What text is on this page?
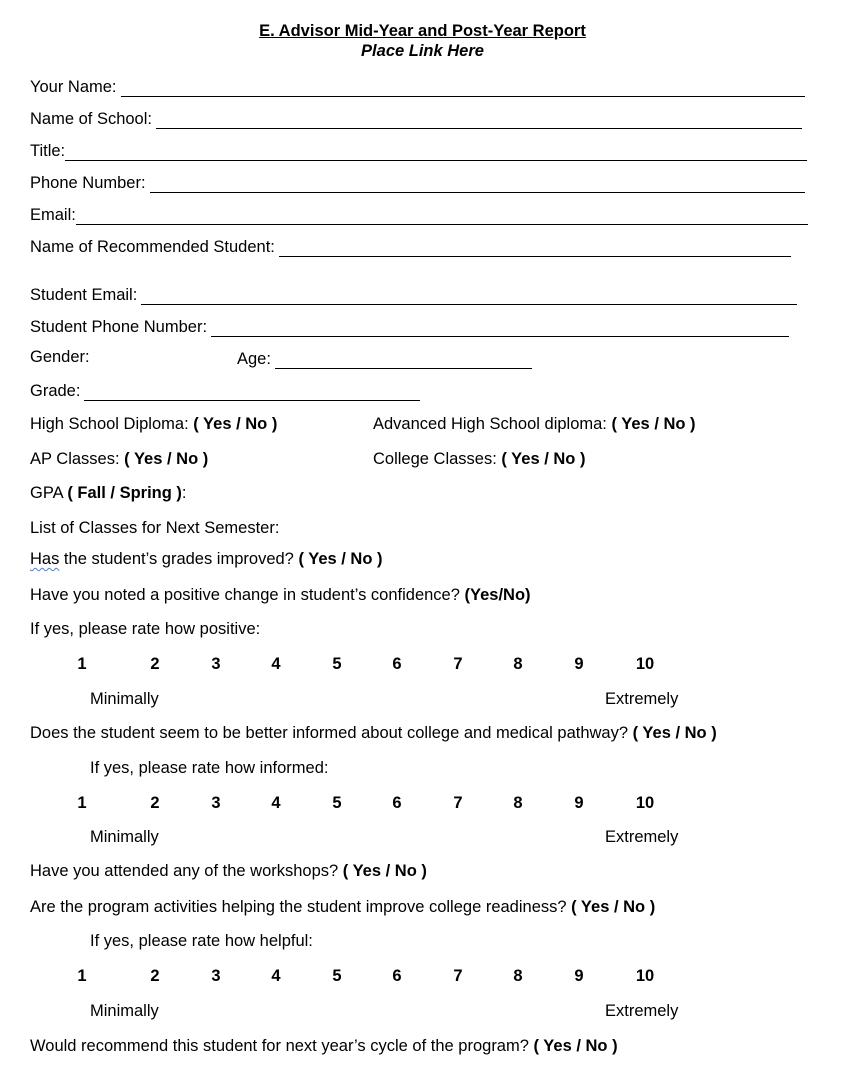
E. Advisor Mid-Year and Post-Year Report
Place Link Here
Your Name:
Name of School:
Title:
Phone Number:
Email:
Name of Recommended Student:
Student Email:
Student Phone Number:
Gender:	Age:
Grade:
High School Diploma: ( Yes / No )	Advanced High School diploma: ( Yes / No )
AP Classes: ( Yes / No )	College Classes: ( Yes / No )
GPA ( Fall / Spring ):
List of Classes for Next Semester:
Has the student’s grades improved? ( Yes / No )
Have you noted a positive change in student’s confidence? (Yes/No)
If yes, please rate how positive:
1	2	3	4	5	6	7	8	9	10
Minimally	Extremely
Does the student seem to be better informed about college and medical pathway? ( Yes / No )
If yes, please rate how informed:
1	2	3	4	5	6	7	8	9	10
Minimally	Extremely
Have you attended any of the workshops? ( Yes / No )
Are the program activities helping the student improve college readiness? ( Yes / No )
If yes, please rate how helpful:
1	2	3	4	5	6	7	8	9	10
Minimally	Extremely
Would recommend this student for next year’s cycle of the program? ( Yes / No )
